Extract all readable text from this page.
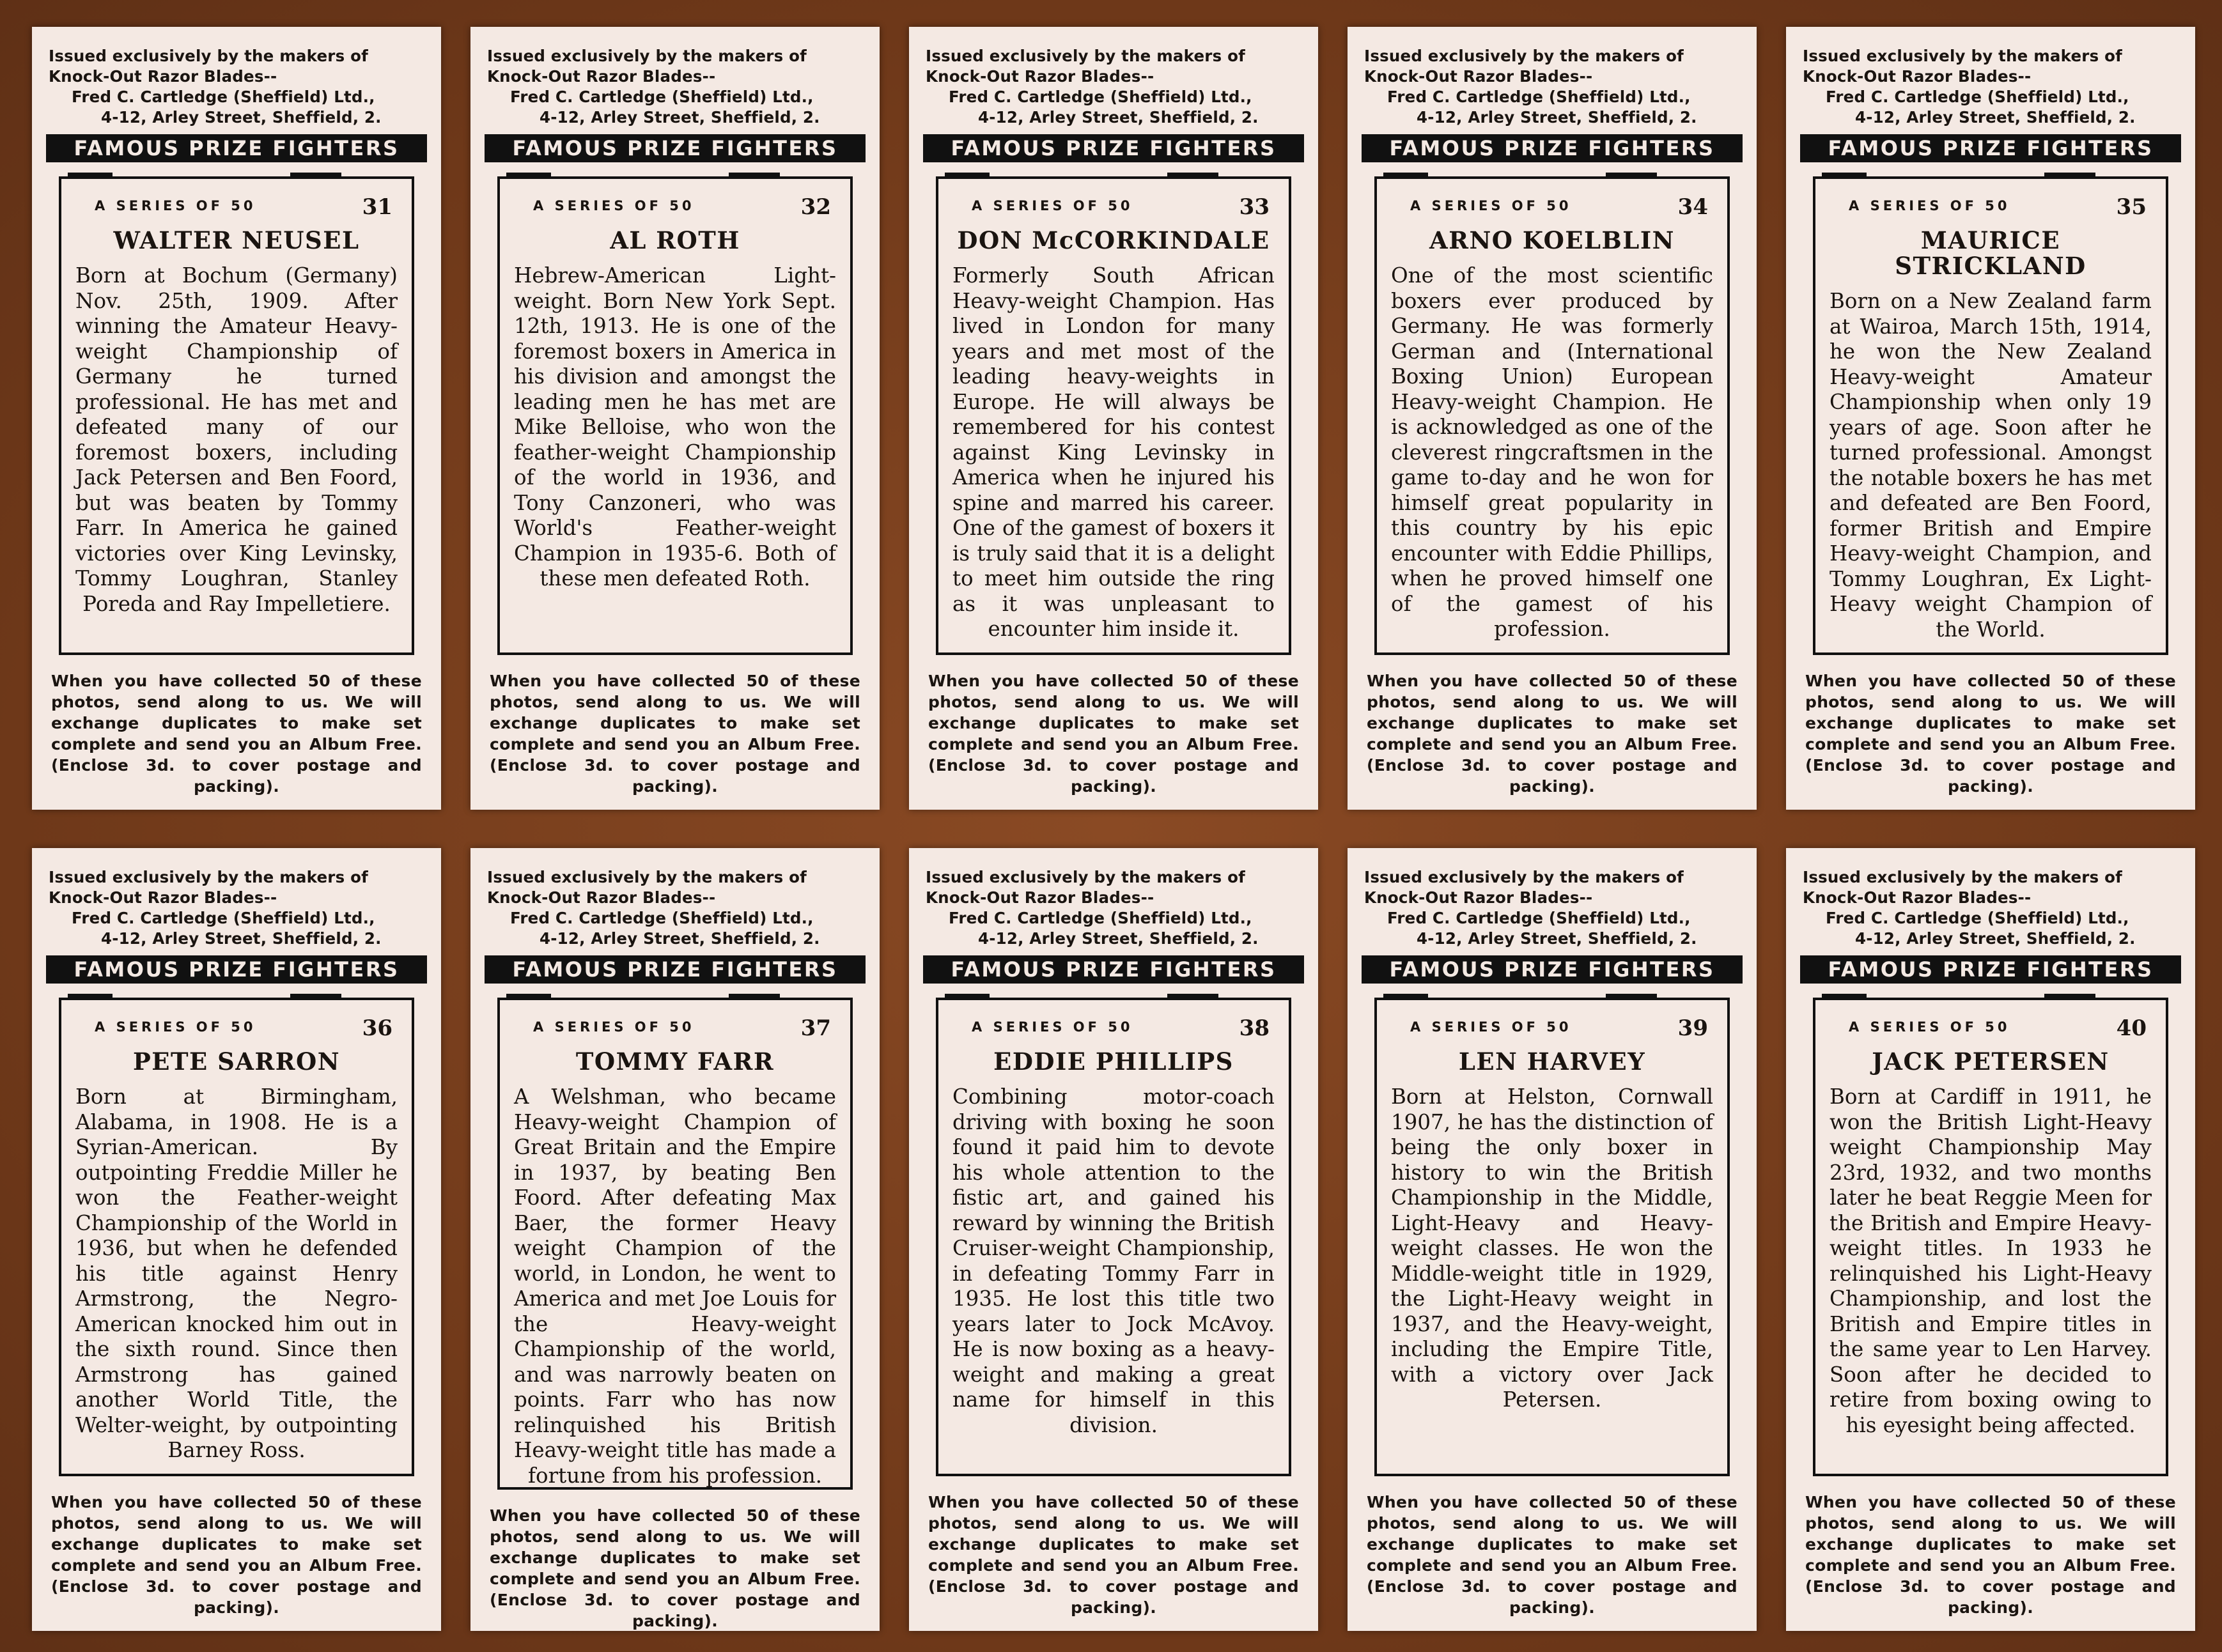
Issued exclusively by the makers of
Knock-Out Razor Blades--
Fred C. Cartledge (Sheffield) Ltd.,
4-12, Arley Street, Sheffield, 2.
FAMOUS PRIZE FIGHTERS
A SERIES OF 50	31
WALTER NEUSEL
Born at Bochum (Germany) Nov. 25th, 1909. After winning the Amateur Heavy-weight Championship of Germany he turned professional. He has met and defeated many of our foremost boxers, including Jack Petersen and Ben Foord, but was beaten by Tommy Farr. In America he gained victories over King Levinsky, Tommy Loughran, Stanley Poreda and Ray Impelletiere.
When you have collected 50 of these photos, send along to us. We will exchange duplicates to make set complete and send you an Album Free. (Enclose 3d. to cover postage and packing).
Issued exclusively by the makers of
Knock-Out Razor Blades--
Fred C. Cartledge (Sheffield) Ltd.,
4-12, Arley Street, Sheffield, 2.
FAMOUS PRIZE FIGHTERS
A SERIES OF 50	32
AL ROTH
Hebrew-American Light-weight. Born New York Sept. 12th, 1913. He is one of the foremost boxers in America in his division and amongst the leading men he has met are Mike Belloise, who won the feather-weight Championship of the world in 1936, and Tony Canzoneri, who was World's Feather-weight Champion in 1935-6. Both of these men defeated Roth.
When you have collected 50 of these photos, send along to us. We will exchange duplicates to make set complete and send you an Album Free. (Enclose 3d. to cover postage and packing).
Issued exclusively by the makers of
Knock-Out Razor Blades--
Fred C. Cartledge (Sheffield) Ltd.,
4-12, Arley Street, Sheffield, 2.
FAMOUS PRIZE FIGHTERS
A SERIES OF 50	33
DON McCORKINDALE
Formerly South African Heavy-weight Champion. Has lived in London for many years and met most of the leading heavy-weights in Europe. He will always be remembered for his contest against King Levinsky in America when he injured his spine and marred his career. One of the gamest of boxers it is truly said that it is a delight to meet him outside the ring as it was unpleasant to encounter him inside it.
When you have collected 50 of these photos, send along to us. We will exchange duplicates to make set complete and send you an Album Free. (Enclose 3d. to cover postage and packing).
Issued exclusively by the makers of
Knock-Out Razor Blades--
Fred C. Cartledge (Sheffield) Ltd.,
4-12, Arley Street, Sheffield, 2.
FAMOUS PRIZE FIGHTERS
A SERIES OF 50	34
ARNO KOELBLIN
One of the most scientific boxers ever produced by Germany. He was formerly German and (International Boxing Union) European Heavy-weight Champion. He is acknowledged as one of the cleverest ringcraftsmen in the game to-day and he won for himself great popularity in this country by his epic encounter with Eddie Phillips, when he proved himself one of the gamest of his profession.
When you have collected 50 of these photos, send along to us. We will exchange duplicates to make set complete and send you an Album Free. (Enclose 3d. to cover postage and packing).
Issued exclusively by the makers of
Knock-Out Razor Blades--
Fred C. Cartledge (Sheffield) Ltd.,
4-12, Arley Street, Sheffield, 2.
FAMOUS PRIZE FIGHTERS
A SERIES OF 50	35
MAURICE STRICKLAND
Born on a New Zealand farm at Wairoa, March 15th, 1914, he won the New Zealand Heavy-weight Amateur Championship when only 19 years of age. Soon after he turned professional. Amongst the notable boxers he has met and defeated are Ben Foord, former British and Empire Heavy-weight Champion, and Tommy Loughran, Ex Light-Heavy weight Champion of the World.
When you have collected 50 of these photos, send along to us. We will exchange duplicates to make set complete and send you an Album Free. (Enclose 3d. to cover postage and packing).
Issued exclusively by the makers of
Knock-Out Razor Blades--
Fred C. Cartledge (Sheffield) Ltd.,
4-12, Arley Street, Sheffield, 2.
FAMOUS PRIZE FIGHTERS
A SERIES OF 50	36
PETE SARRON
Born at Birmingham, Alabama, in 1908. He is a Syrian-American. By outpointing Freddie Miller he won the Feather-weight Championship of the World in 1936, but when he defended his title against Henry Armstrong, the Negro-American knocked him out in the sixth round. Since then Armstrong has gained another World Title, the Welter-weight, by outpointing Barney Ross.
When you have collected 50 of these photos, send along to us. We will exchange duplicates to make set complete and send you an Album Free. (Enclose 3d. to cover postage and packing).
Issued exclusively by the makers of
Knock-Out Razor Blades--
Fred C. Cartledge (Sheffield) Ltd.,
4-12, Arley Street, Sheffield, 2.
FAMOUS PRIZE FIGHTERS
A SERIES OF 50	37
TOMMY FARR
A Welshman, who became Heavy-weight Champion of Great Britain and the Empire in 1937, by beating Ben Foord. After defeating Max Baer, the former Heavy weight Champion of the world, in London, he went to America and met Joe Louis for the Heavy-weight Championship of the world, and was narrowly beaten on points. Farr who has now relinquished his British Heavy-weight title has made a fortune from his profession.
When you have collected 50 of these photos, send along to us. We will exchange duplicates to make set complete and send you an Album Free. (Enclose 3d. to cover postage and packing).
Issued exclusively by the makers of
Knock-Out Razor Blades--
Fred C. Cartledge (Sheffield) Ltd.,
4-12, Arley Street, Sheffield, 2.
FAMOUS PRIZE FIGHTERS
A SERIES OF 50	38
EDDIE PHILLIPS
Combining motor-coach driving with boxing he soon found it paid him to devote his whole attention to the fistic art, and gained his reward by winning the British Cruiser-weight Championship, in defeating Tommy Farr in 1935. He lost this title two years later to Jock McAvoy. He is now boxing as a heavy-weight and making a great name for himself in this division.
When you have collected 50 of these photos, send along to us. We will exchange duplicates to make set complete and send you an Album Free. (Enclose 3d. to cover postage and packing).
Issued exclusively by the makers of
Knock-Out Razor Blades--
Fred C. Cartledge (Sheffield) Ltd.,
4-12, Arley Street, Sheffield, 2.
FAMOUS PRIZE FIGHTERS
A SERIES OF 50	39
LEN HARVEY
Born at Helston, Cornwall 1907, he has the distinction of being the only boxer in history to win the British Championship in the Middle, Light-Heavy and Heavy-weight classes. He won the Middle-weight title in 1929, the Light-Heavy weight in 1937, and the Heavy-weight, including the Empire Title, with a victory over Jack Petersen.
When you have collected 50 of these photos, send along to us. We will exchange duplicates to make set complete and send you an Album Free. (Enclose 3d. to cover postage and packing).
Issued exclusively by the makers of
Knock-Out Razor Blades--
Fred C. Cartledge (Sheffield) Ltd.,
4-12, Arley Street, Sheffield, 2.
FAMOUS PRIZE FIGHTERS
A SERIES OF 50	40
JACK PETERSEN
Born at Cardiff in 1911, he won the British Light-Heavy weight Championship May 23rd, 1932, and two months later he beat Reggie Meen for the British and Empire Heavy-weight titles. In 1933 he relinquished his Light-Heavy Championship, and lost the British and Empire titles in the same year to Len Harvey. Soon after he decided to retire from boxing owing to his eyesight being affected.
When you have collected 50 of these photos, send along to us. We will exchange duplicates to make set complete and send you an Album Free. (Enclose 3d. to cover postage and packing).
